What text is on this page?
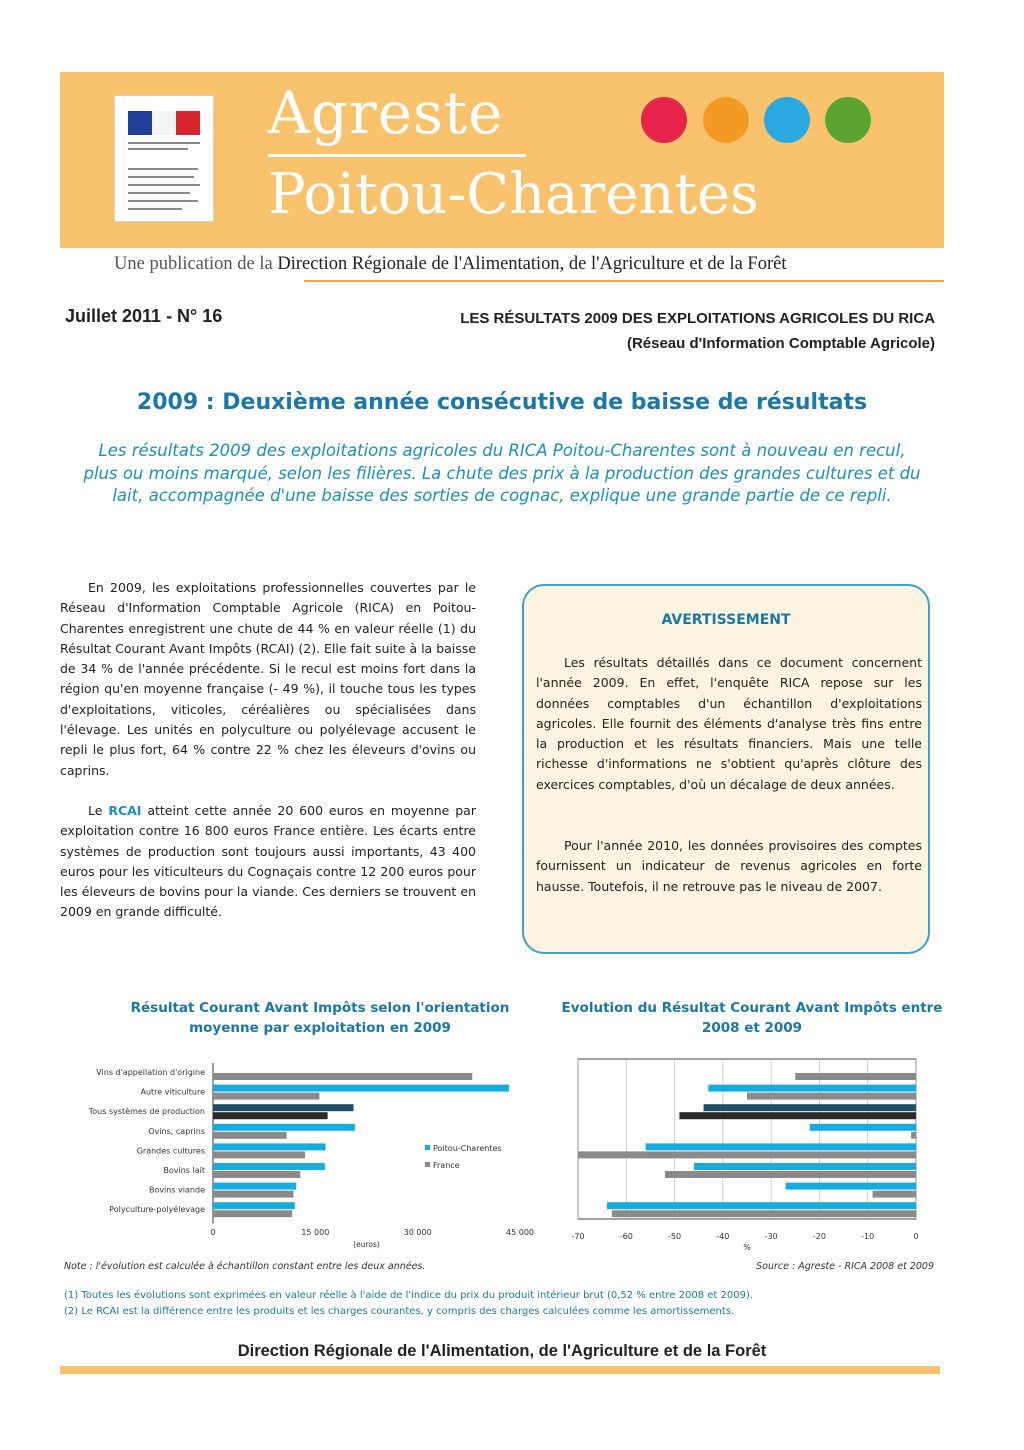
Agreste
Poitou-Charentes
Une publication de la Direction Régionale de l'Alimentation, de l'Agriculture et de la Forêt
Juillet 2011 - N° 16	LES RÉSULTATS 2009 DES EXPLOITATIONS AGRICOLES DU RICA
(Réseau d'Information Comptable Agricole)
2009 : Deuxième année consécutive de baisse de résultats
Les résultats 2009 des exploitations agricoles du RICA Poitou-Charentes sont à nouveau en recul, plus ou moins marqué, selon les filières. La chute des prix à la production des grandes cultures et du lait, accompagnée d'une baisse des sorties de cognac, explique une grande partie de ce repli.
En 2009, les exploitations professionnelles couvertes par le Réseau d'Information Comptable Agricole (RICA) en Poitou-Charentes enregistrent une chute de 44 % en valeur réelle (1) du Résultat Courant Avant Impôts (RCAI) (2). Elle fait suite à la baisse de 34 % de l'année précédente. Si le recul est moins fort dans la région qu'en moyenne française (- 49 %), il touche tous les types d'exploitations, viticoles, céréalières ou spécialisées dans l'élevage. Les unités en polyculture ou polyélevage accusent le repli le plus fort, 64 % contre 22 % chez les éleveurs d'ovins ou caprins.
Le RCAI atteint cette année 20 600 euros en moyenne par exploitation contre 16 800 euros France entière. Les écarts entre systèmes de production sont toujours aussi importants, 43 400 euros pour les viticulteurs du Cognaçais contre 12 200 euros pour les éleveurs de bovins pour la viande. Ces derniers se trouvent en 2009 en grande difficulté.
AVERTISSEMENT
Les résultats détaillés dans ce document concernent l'année 2009. En effet, l'enquête RICA repose sur les données comptables d'un échantillon d'exploitations agricoles. Elle fournit des éléments d'analyse très fins entre la production et les résultats financiers. Mais une telle richesse d'informations ne s'obtient qu'après clôture des exercices comptables, d'où un décalage de deux années.
Pour l'année 2010, les données provisoires des comptes fournissent un indicateur de revenus agricoles en forte hausse. Toutefois, il ne retrouve pas le niveau de 2007.
Résultat Courant Avant Impôts selon l'orientation moyenne par exploitation en 2009
Evolution du Résultat Courant Avant Impôts entre 2008 et 2009
Vins d'appellation d'origine
Autre viticulture
Tous systèmes de production
Ovins, caprins
Grandes cultures
Bovins lait
Bovins viande
Polyculture-polyélevage
0	15 000	30 000	45 000
(euros)
Poitou-Charentes
France
-70	-60	-50	-40	-30	-20	-10	0
%
Note : l'évolution est calculée à échantillon constant entre les deux années.	Source : Agreste - RICA 2008 et 2009
(1) Toutes les évolutions sont exprimées en valeur réelle à l'aide de l'indice du prix du produit intérieur brut (0,52 % entre 2008 et 2009).
(2) Le RCAI est la différence entre les produits et les charges courantes, y compris des charges calculées comme les amortissements.
Direction Régionale de l'Alimentation, de l'Agriculture et de la Forêt
